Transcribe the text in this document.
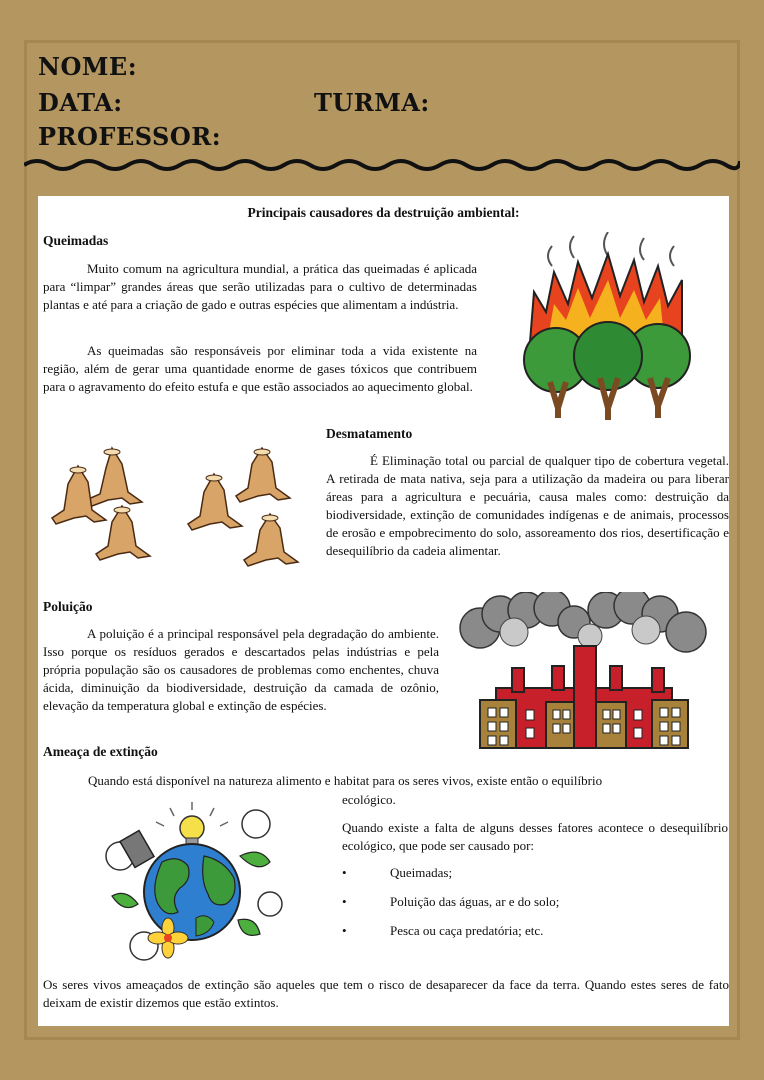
NOME:
DATA:	TURMA:
PROFESSOR:
Principais causadores da destruição ambiental:
Queimadas

Muito comum na agricultura mundial, a prática das queimadas é aplicada para “limpar” grandes áreas que serão utilizadas para o cultivo de determinadas plantas e até para a criação de gado e outras espécies que alimentam a indústria.

As queimadas são responsáveis por eliminar toda a vida existente na região, além de gerar uma quantidade enorme de gases tóxicos que contribuem para o agravamento do efeito estufa e que estão associados ao aquecimento global.

Desmatamento

É Eliminação total ou parcial de qualquer tipo de cobertura vegetal. A retirada de mata nativa, seja para a utilização da madeira ou para liberar áreas para a agricultura e pecuária, causa males como: destruição da biodiversidade, extinção de comunidades indígenas e de animais, processos de erosão e empobrecimento do solo, assoreamento dos rios, desertificação e desequilíbrio da cadeia alimentar.

Poluição

A poluição é a principal responsável pela degradação do ambiente. Isso porque os resíduos gerados e descartados pelas indústrias e pela própria população são os causadores de problemas como enchentes, chuva ácida, diminuição da biodiversidade, destruição da camada de ozônio, elevação da temperatura global e extinção de espécies.

Ameaça de extinção
Quando está disponível na natureza alimento e habitat para os seres vivos, existe então o equilíbrio
ecológico.

Quando existe a falta de alguns desses fatores acontece o desequilíbrio ecológico, que pode ser causado por:

• Queimadas;
• Poluição das águas, ar e do solo;
• Pesca ou caça predatória; etc.

Os seres vivos ameaçados de extinção são aqueles que tem o risco de desaparecer da face da terra. Quando estes seres de fato deixam de existir dizemos que estão extintos.
